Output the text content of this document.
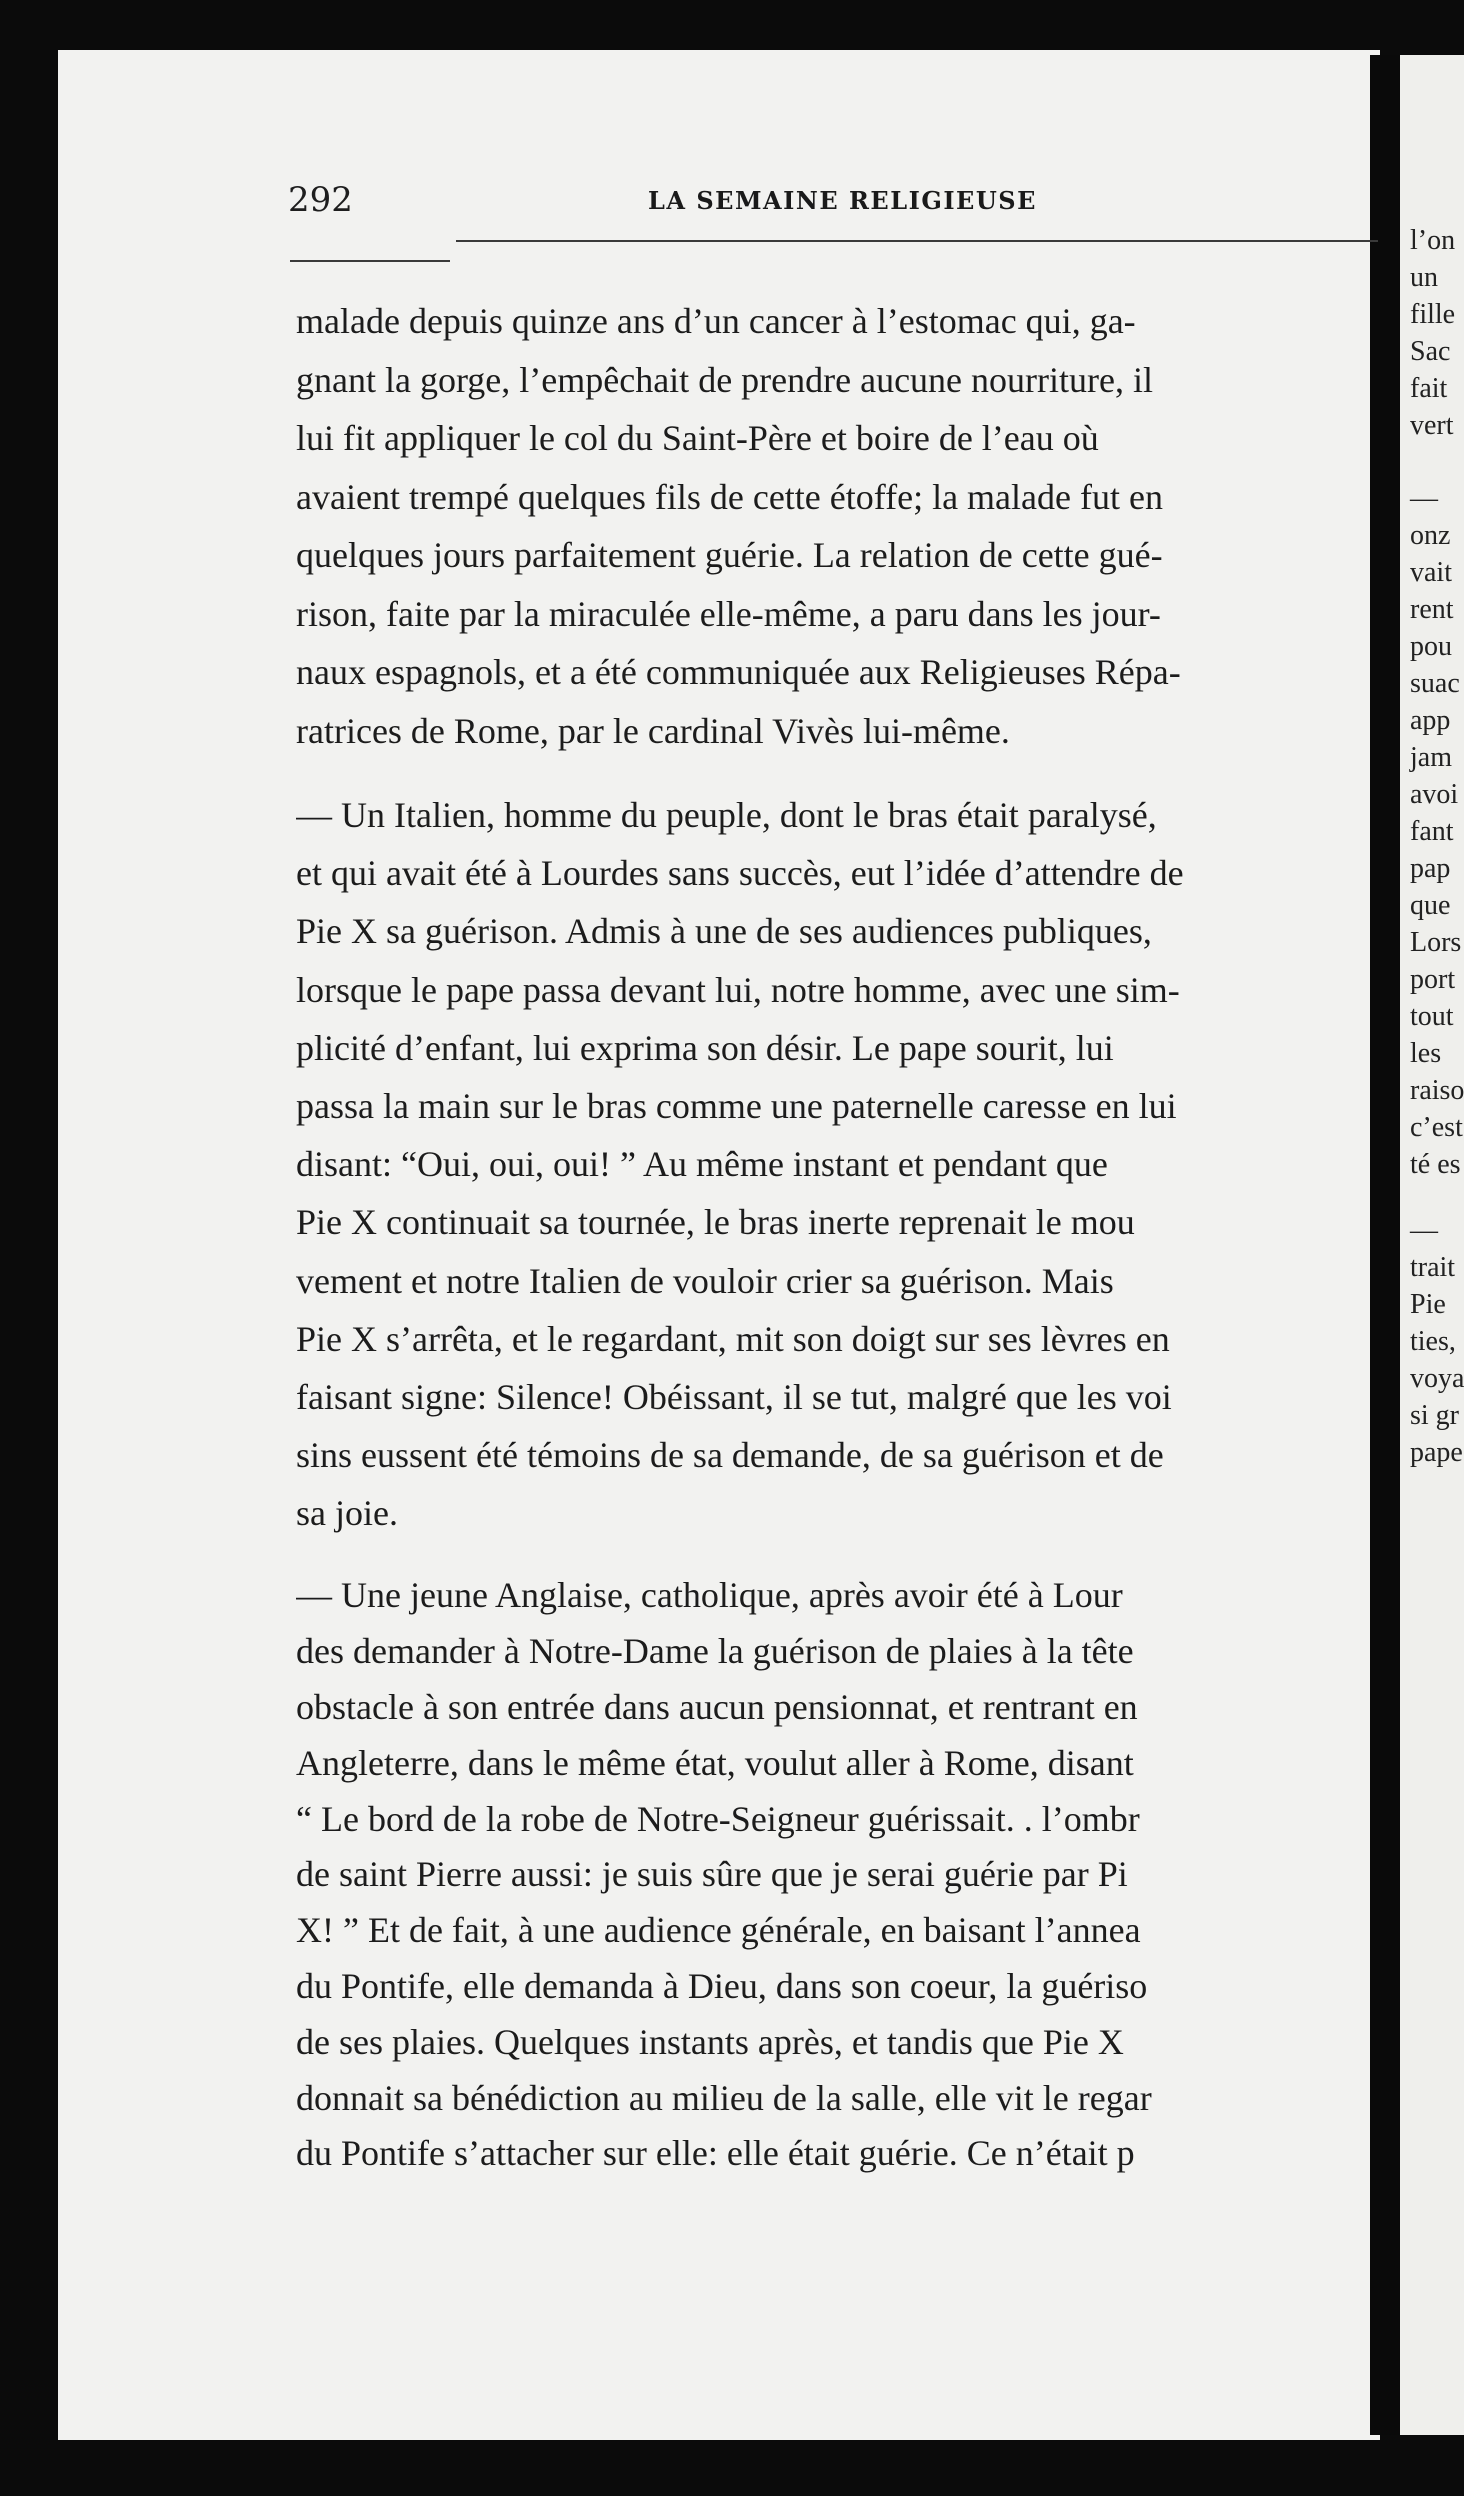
l’on
un
fille
Sac
fait
vert
—
onz
vait
rent
pou
suac
app
jam
avoi
fant
pap
que
Lors
port
tout
les
raiso
c’est
té es
—
trait
Pie
ties,
voya
si gr
pape
292	LA SEMAINE RELIGIEUSE
malade depuis quinze ans d’un cancer à l’estomac qui, ga-
gnant la gorge, l’empêchait de prendre aucune nourriture, il
lui fit appliquer le col du Saint-Père et boire de l’eau où
avaient trempé quelques fils de cette étoffe; la malade fut en
quelques jours parfaitement guérie. La relation de cette gué-
rison, faite par la miraculée elle-même, a paru dans les jour-
naux espagnols, et a été communiquée aux Religieuses Répa-
ratrices de Rome, par le cardinal Vivès lui-même.
— Un Italien, homme du peuple, dont le bras était paralysé,
et qui avait été à Lourdes sans succès, eut l’idée d’attendre de
Pie X sa guérison. Admis à une de ses audiences publiques,
lorsque le pape passa devant lui, notre homme, avec une sim-
plicité d’enfant, lui exprima son désir. Le pape sourit, lui
passa la main sur le bras comme une paternelle caresse en lui
disant: “Oui, oui, oui! ” Au même instant et pendant que
Pie X continuait sa tournée, le bras inerte reprenait le mou
vement et notre Italien de vouloir crier sa guérison. Mais
Pie X s’arrêta, et le regardant, mit son doigt sur ses lèvres en
faisant signe: Silence! Obéissant, il se tut, malgré que les voi
sins eussent été témoins de sa demande, de sa guérison et de
sa joie.
— Une jeune Anglaise, catholique, après avoir été à Lour
des demander à Notre-Dame la guérison de plaies à la tête
obstacle à son entrée dans aucun pensionnat, et rentrant en
Angleterre, dans le même état, voulut aller à Rome, disant
“ Le bord de la robe de Notre-Seigneur guérissait. . l’ombr
de saint Pierre aussi: je suis sûre que je serai guérie par Pi
X! ” Et de fait, à une audience générale, en baisant l’annea
du Pontife, elle demanda à Dieu, dans son coeur, la guériso
de ses plaies. Quelques instants après, et tandis que Pie X
donnait sa bénédiction au milieu de la salle, elle vit le regar
du Pontife s’attacher sur elle: elle était guérie. Ce n’était p
